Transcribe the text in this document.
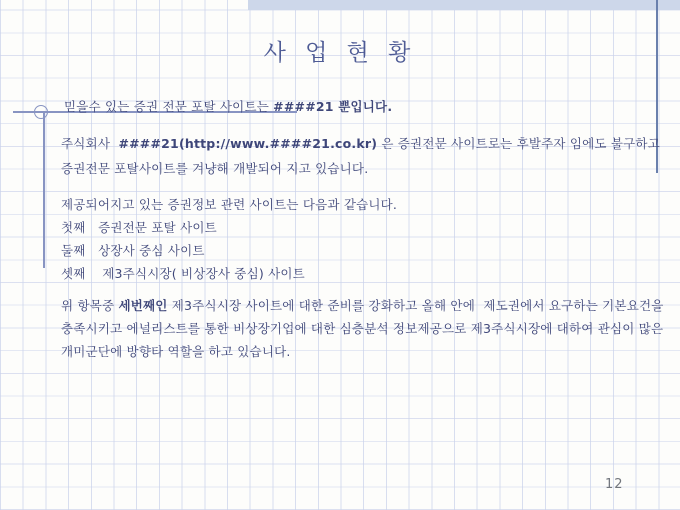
사 업 현 황
믿을수 있는 증권 전문 포탈 사이트는 ####21 뿐입니다.
주식회사  ####21(http://www.####21.co.kr) 은 증권전문 사이트로는 후발주자 임에도 불구하고
증권전문 포탈사이트를 겨냥해 개발되어 지고 있습니다.
제공되어지고 있는 증권정보 관련 사이트는 다음과 같습니다.
첫째   증권전문 포탈 사이트
둘째   상장사 중심 사이트
셋째    제3주식시장( 비상장사 중심) 사이트
위 항목중 세번째인 제3주식시장 사이트에 대한 준비를 강화하고 올해 안에  제도권에서 요구하는 기본요건을
충족시키고 에널리스트를 통한 비상장기업에 대한 심층분석 정보제공으로 제3주식시장에 대하여 관심이 많은
개미군단에 방향타 역할을 하고 있습니다.
12
